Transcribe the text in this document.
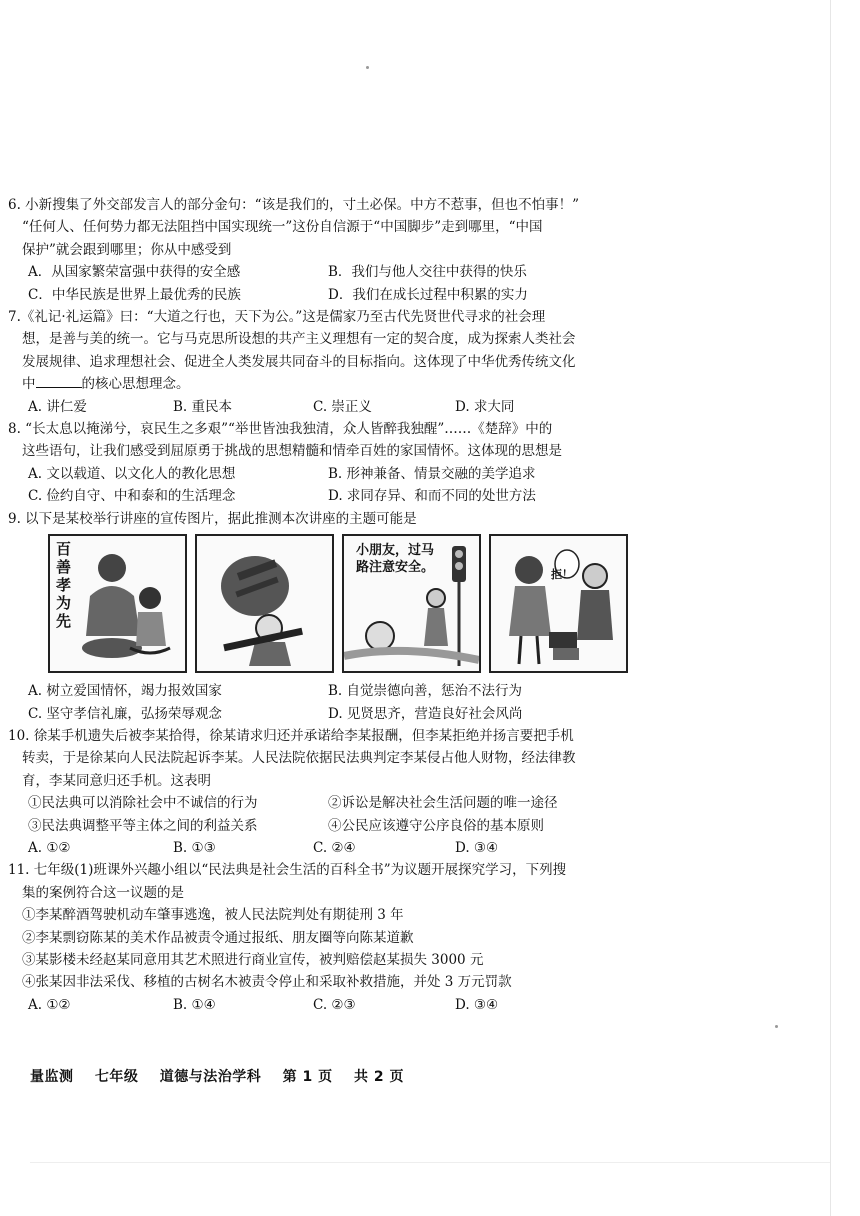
6. 小新搜集了外交部发言人的部分金句：“该是我们的，寸土必保。中方不惹事，但也不怕事！”
“任何人、任何势力都无法阻挡中国实现统一”这份自信源于“中国脚步”走到哪里，“中国
保护”就会跟到哪里；你从中感受到
A．从国家繁荣富强中获得的安全感	B．我们与他人交往中获得的快乐
C．中华民族是世界上最优秀的民族	D．我们在成长过程中积累的实力
7.《礼记·礼运篇》曰：“大道之行也，天下为公。”这是儒家乃至古代先贤世代寻求的社会理
想，是善与美的统一。它与马克思所设想的共产主义理想有一定的契合度，成为探索人类社会
发展规律、追求理想社会、促进全人类发展共同奋斗的目标指向。这体现了中华优秀传统文化
中	的核心思想理念。
A. 讲仁爱	B. 重民本	C. 崇正义	D. 求大同
8. “长太息以掩涕兮，哀民生之多艰”“举世皆浊我独清，众人皆醉我独醒”……《楚辞》中的
这些语句，让我们感受到屈原勇于挑战的思想精髓和情牵百姓的家国情怀。这体现的思想是
A. 文以载道、以文化人的教化思想	B. 形神兼备、情景交融的美学追求
C. 俭约自守、中和泰和的生活理念	D. 求同存异、和而不同的处世方法
9. 以下是某校举行讲座的宣传图片，据此推测本次讲座的主题可能是
百善孝为先
小朋友，过马
路注意安全。	拒！
A. 树立爱国情怀，竭力报效国家	B. 自觉崇德向善，惩治不法行为
C. 坚守孝信礼廉，弘扬荣辱观念	D. 见贤思齐，营造良好社会风尚
10. 徐某手机遗失后被李某拾得，徐某请求归还并承诺给李某报酬，但李某拒绝并扬言要把手机
转卖，于是徐某向人民法院起诉李某。人民法院依据民法典判定李某侵占他人财物，经法律教
育，李某同意归还手机。这表明
①民法典可以消除社会中不诚信的行为	②诉讼是解决社会生活问题的唯一途径
③民法典调整平等主体之间的利益关系	④公民应该遵守公序良俗的基本原则
A. ①②	B. ①③	C. ②④	D. ③④
11. 七年级(1)班课外兴趣小组以“民法典是社会生活的百科全书”为议题开展探究学习，下列搜
集的案例符合这一议题的是
①李某醉酒驾驶机动车肇事逃逸，被人民法院判处有期徒刑 3 年
②李某剽窃陈某的美术作品被责令通过报纸、朋友圈等向陈某道歉
③某影楼未经赵某同意用其艺术照进行商业宣传，被判赔偿赵某损失 3000 元
④张某因非法采伐、移植的古树名木被责令停止和采取补救措施，并处 3 万元罚款
A. ①②	B. ①④	C. ②③	D. ③④
量监测 七年级 道德与法治学科 第 1 页 共 2 页
